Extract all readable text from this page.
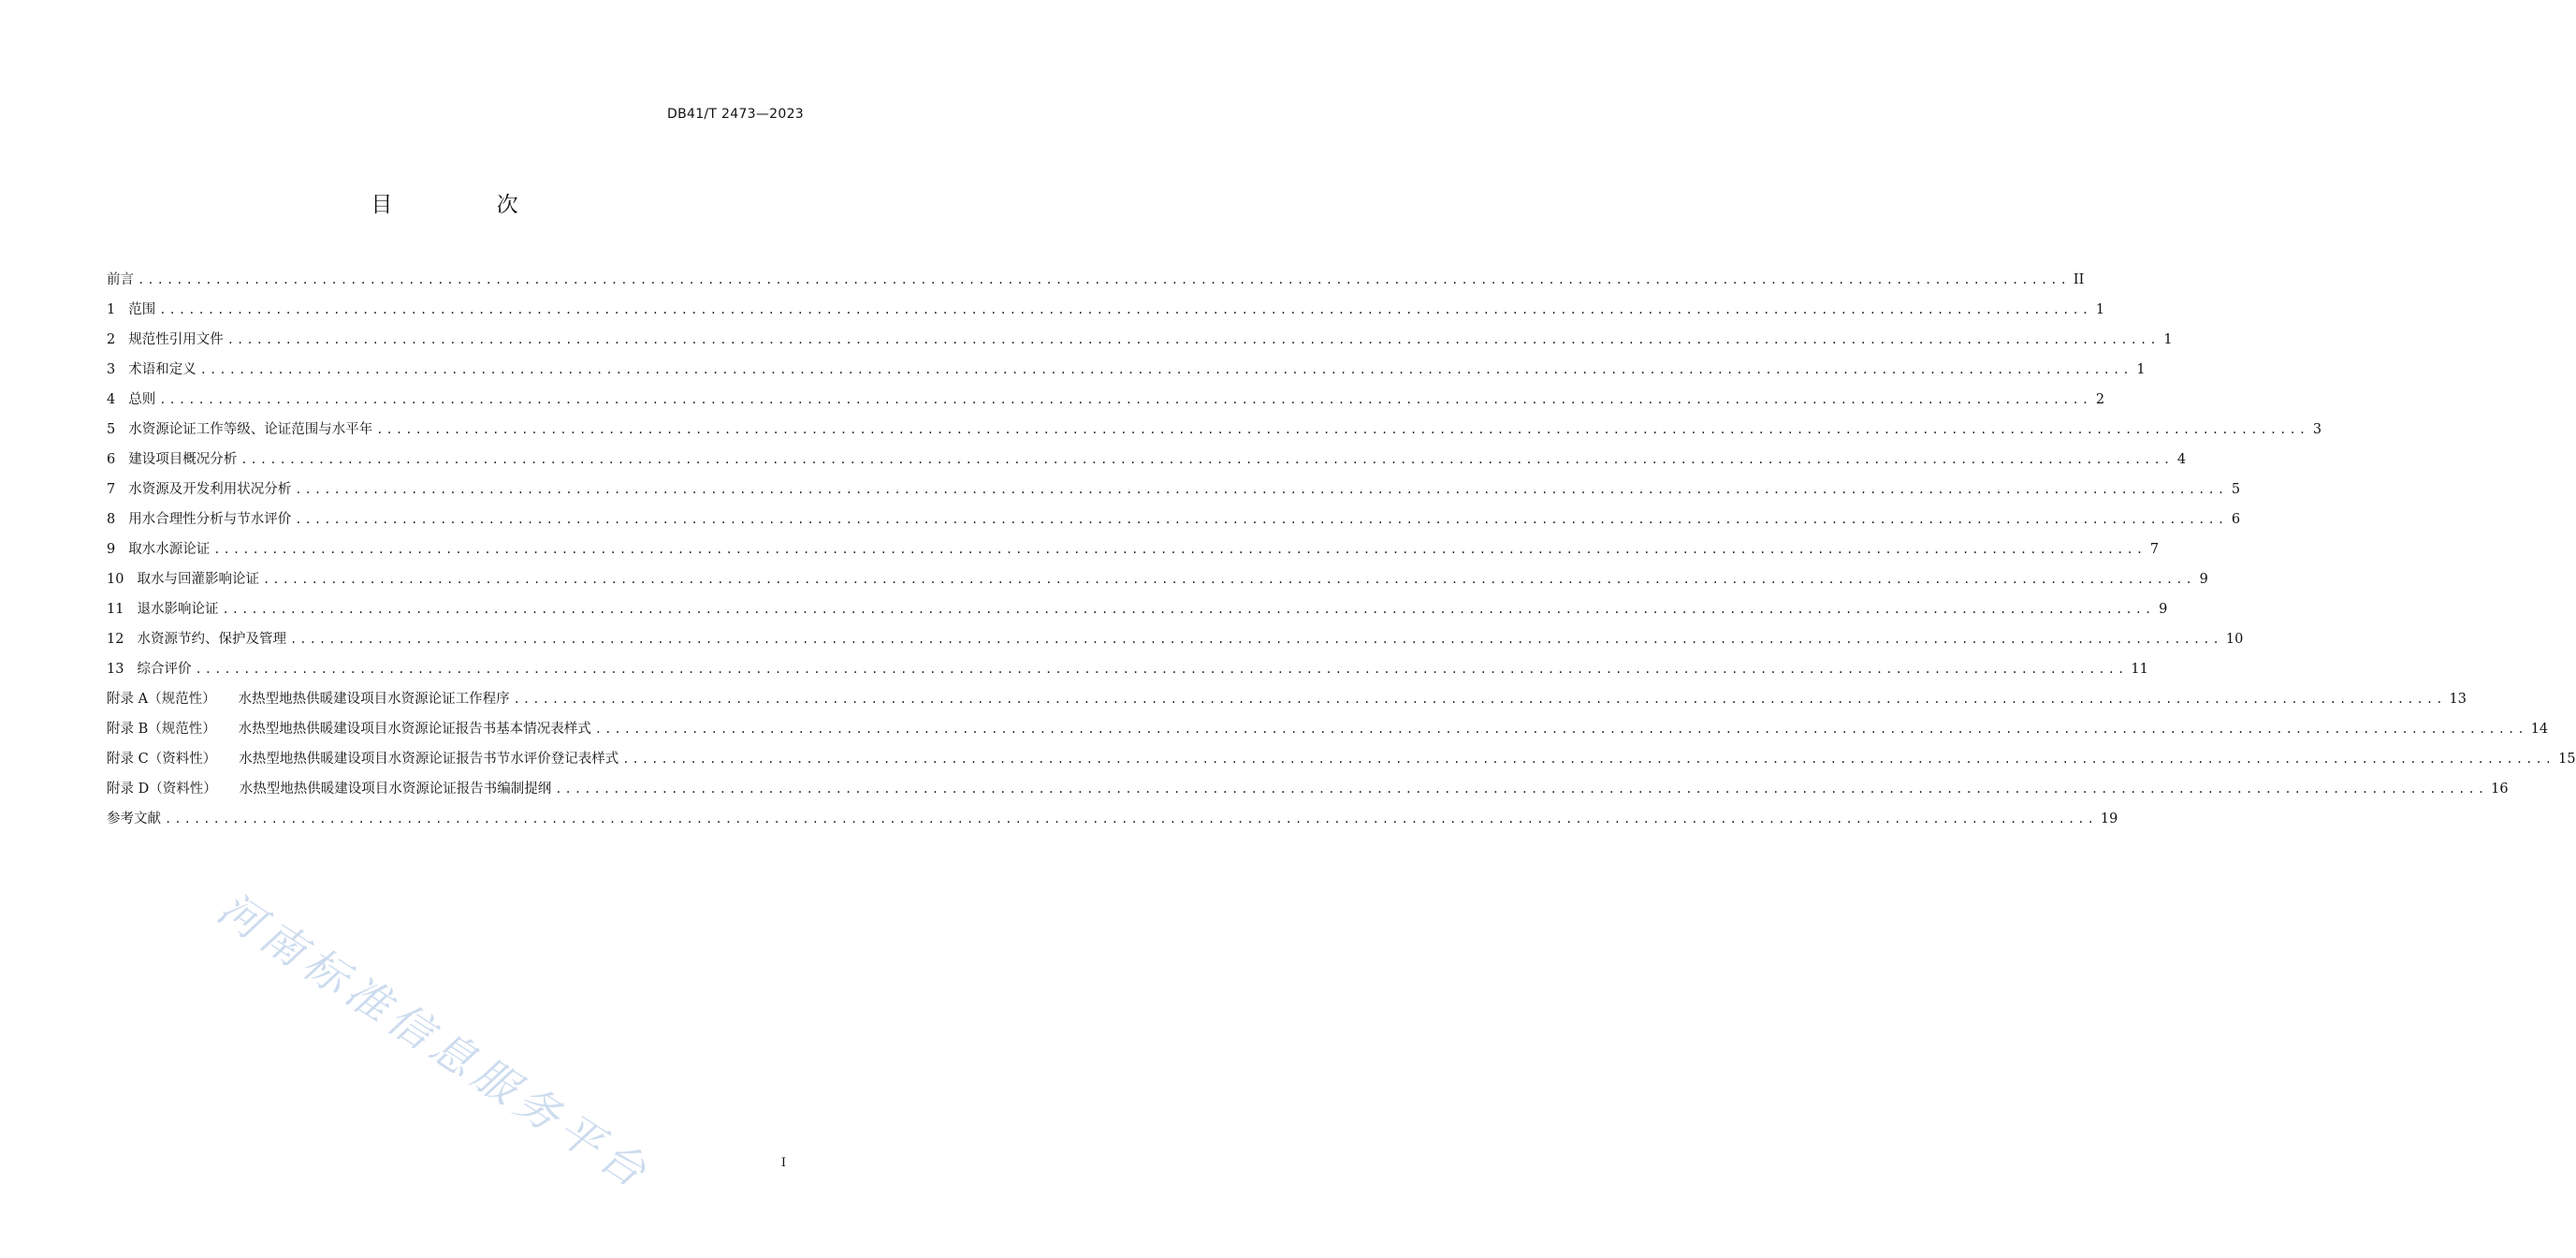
DB41/T 2473—2023
目 次
前言 ........................................................................................................................................................................................................ II
1 范围 ........................................................................................................................................................................................................ 1
2 规范性引用文件 ........................................................................................................................................................................................................ 1
3 术语和定义 ........................................................................................................................................................................................................ 1
4 总则 ........................................................................................................................................................................................................ 2
5 水资源论证工作等级、论证范围与水平年 ........................................................................................................................................................................................................ 3
6 建设项目概况分析 ........................................................................................................................................................................................................ 4
7 水资源及开发利用状况分析 ........................................................................................................................................................................................................ 5
8 用水合理性分析与节水评价 ........................................................................................................................................................................................................ 6
9 取水水源论证 ........................................................................................................................................................................................................ 7
10 取水与回灌影响论证 ........................................................................................................................................................................................................ 9
11 退水影响论证 ........................................................................................................................................................................................................ 9
12 水资源节约、保护及管理 ........................................................................................................................................................................................................ 10
13 综合评价 ........................................................................................................................................................................................................ 11
附录 A（规范性） 水热型地热供暖建设项目水资源论证工作程序 ........................................................................................................................................................................................................ 13
附录 B（规范性） 水热型地热供暖建设项目水资源论证报告书基本情况表样式 ........................................................................................................................................................................................................ 14
附录 C（资料性） 水热型地热供暖建设项目水资源论证报告书节水评价登记表样式 ........................................................................................................................................................................................................ 15
附录 D（资料性） 水热型地热供暖建设项目水资源论证报告书编制提纲 ........................................................................................................................................................................................................ 16
参考文献 ........................................................................................................................................................................................................ 19
I
河南标准信息服务平台
